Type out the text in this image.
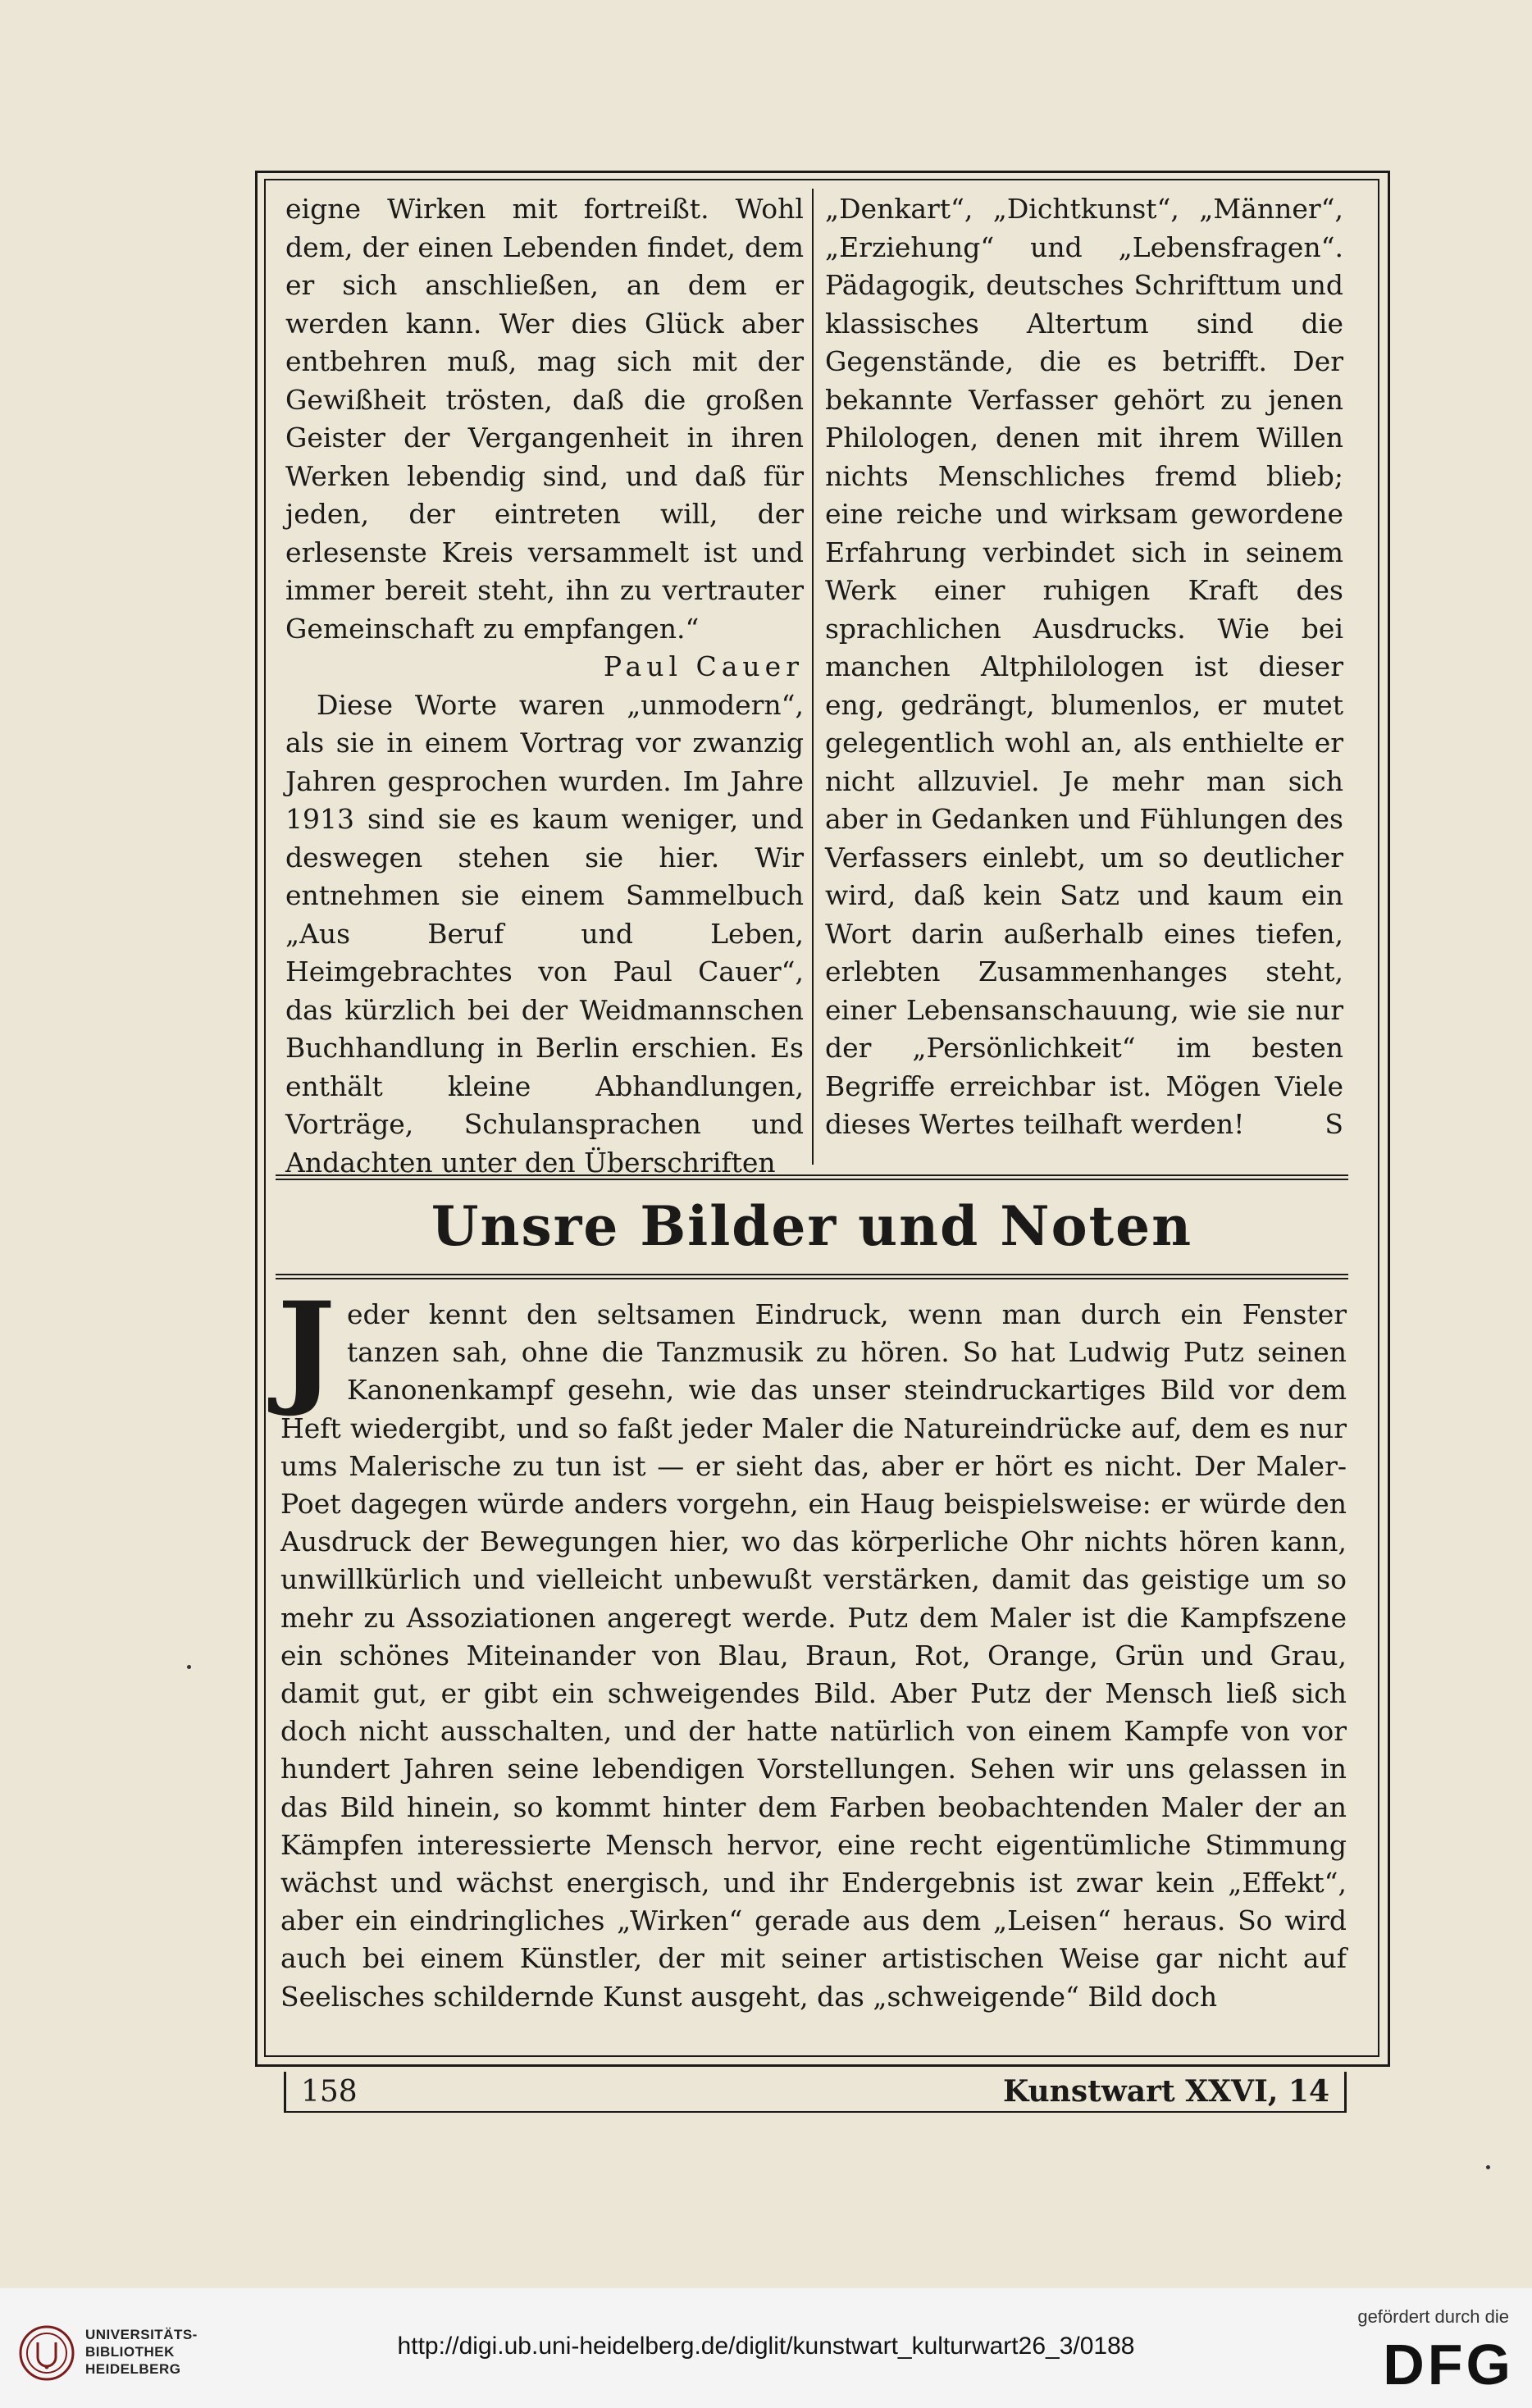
eigne Wirken mit fortreißt. Wohl dem, der einen Lebenden findet, dem er sich anschließen, an dem er werden kann. Wer dies Glück aber entbehren muß, mag sich mit der Gewißheit trösten, daß die großen Geister der Vergangenheit in ihren Werken lebendig sind, und daß für jeden, der eintreten will, der erlesenste Kreis versammelt ist und immer bereit steht, ihn zu vertrauter Gemeinschaft zu empfangen.“

Paul Cauer

Diese Worte waren „unmodern“, als sie in einem Vortrag vor zwanzig Jahren gesprochen wurden. Im Jahre 1913 sind sie es kaum weniger, und deswegen stehen sie hier. Wir entnehmen sie einem Sammelbuch „Aus Beruf und Leben, Heimgebrachtes von Paul Cauer“, das kürzlich bei der Weidmannschen Buchhandlung in Berlin erschien. Es enthält kleine Abhandlungen, Vorträge, Schulansprachen und Andachten unter den Überschriften

„Denkart“, „Dichtkunst“, „Männer“, „Erziehung“ und „Lebensfragen“. Pädagogik, deutsches Schrifttum und klassisches Altertum sind die Gegenstände, die es betrifft. Der bekannte Verfasser gehört zu jenen Philologen, denen mit ihrem Willen nichts Menschliches fremd blieb; eine reiche und wirksam gewordene Erfahrung verbindet sich in seinem Werk einer ruhigen Kraft des sprachlichen Ausdrucks. Wie bei manchen Altphilologen ist dieser eng, gedrängt, blumenlos, er mutet gelegentlich wohl an, als enthielte er nicht allzuviel. Je mehr man sich aber in Gedanken und Fühlungen des Verfassers einlebt, um so deutlicher wird, daß kein Satz und kaum ein Wort darin außerhalb eines tiefen, erlebten Zusammenhanges steht, einer Lebensanschauung, wie sie nur der „Persönlichkeit“ im besten Begriffe erreichbar ist. Mögen Viele dieses Wertes teilhaft werden!	S

Unsre Bilder und Noten
J eder kennt den seltsamen Eindruck, wenn man durch ein Fenster tanzen sah, ohne die Tanzmusik zu hören. So hat Ludwig Putz seinen Kanonenkampf gesehn, wie das unser steindruckartiges Bild vor dem Heft wiedergibt, und so faßt jeder Maler die Natureindrücke auf, dem es nur ums Malerische zu tun ist — er sieht das, aber er hört es nicht. Der Maler-Poet dagegen würde anders vorgehn, ein Haug beispielsweise: er würde den Ausdruck der Bewegungen hier, wo das körperliche Ohr nichts hören kann, unwillkürlich und vielleicht unbewußt verstärken, damit das geistige um so mehr zu Assoziationen angeregt werde. Putz dem Maler ist die Kampfszene ein schönes Miteinander von Blau, Braun, Rot, Orange, Grün und Grau, damit gut, er gibt ein schweigendes Bild. Aber Putz der Mensch ließ sich doch nicht ausschalten, und der hatte natürlich von einem Kampfe von vor hundert Jahren seine lebendigen Vorstellungen. Sehen wir uns gelassen in das Bild hinein, so kommt hinter dem Farben beobachtenden Maler der an Kämpfen interessierte Mensch hervor, eine recht eigentümliche Stimmung wächst und wächst energisch, und ihr Endergebnis ist zwar kein „Effekt“, aber ein eindringliches „Wirken“ gerade aus dem „Leisen“ heraus. So wird auch bei einem Künstler, der mit seiner artistischen Weise gar nicht auf Seelisches schildernde Kunst ausgeht, das „schweigende“ Bild doch
158	Kunstwart XXVI, 14
UNIVERSITÄTS-
BIBLIOTHEK
HEIDELBERG
http://digi.ub.uni-heidelberg.de/diglit/kunstwart_kulturwart26_3/0188
gefördert durch die
DFG
